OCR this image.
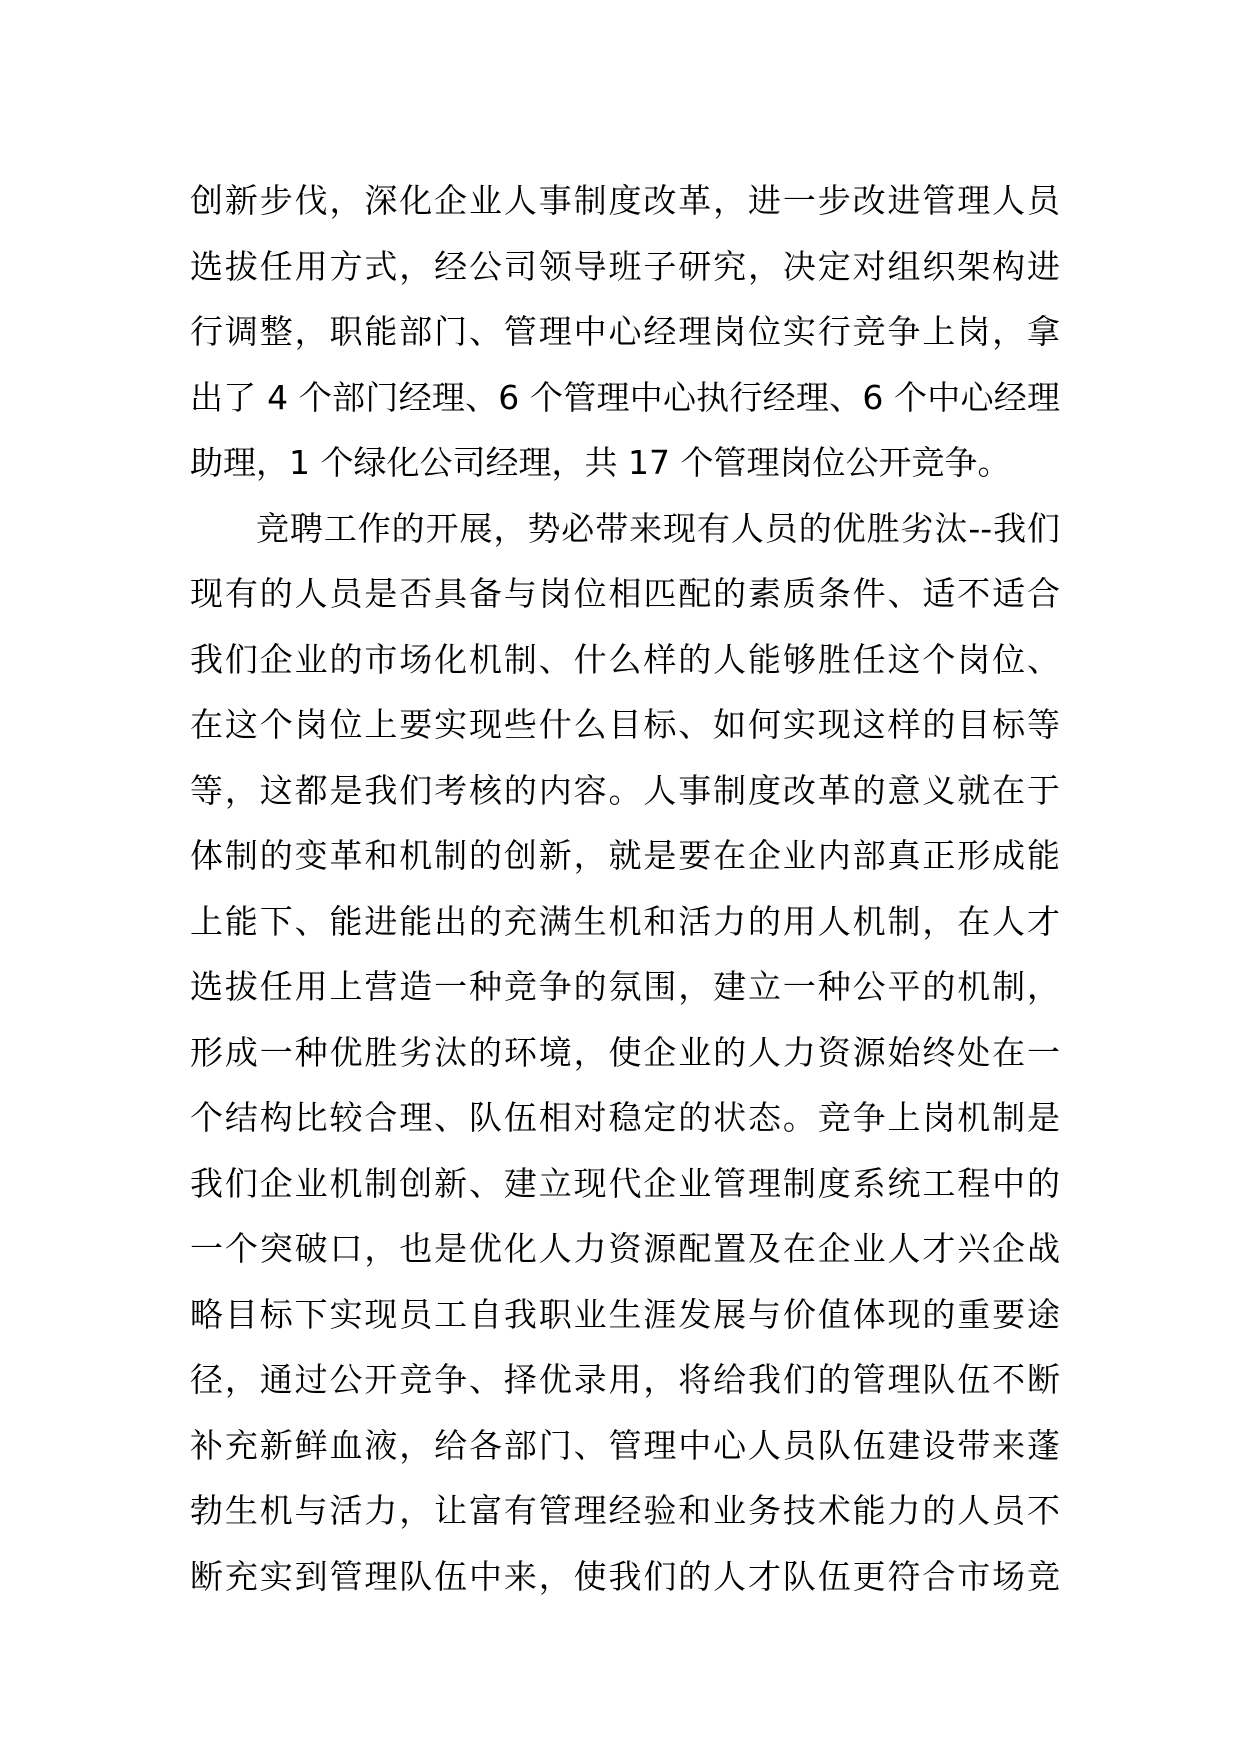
创新步伐，深化企业人事制度改革，进一步改进管理人员
选拔任用方式，经公司领导班子研究，决定对组织架构进
行调整，职能部门、管理中心经理岗位实行竞争上岗，拿
出了 4 个部门经理、6 个管理中心执行经理、6 个中心经理
助理，1 个绿化公司经理，共 17 个管理岗位公开竞争。
竞聘工作的开展，势必带来现有人员的优胜劣汰--我们
现有的人员是否具备与岗位相匹配的素质条件、适不适合
我们企业的市场化机制、什么样的人能够胜任这个岗位、
在这个岗位上要实现些什么目标、如何实现这样的目标等
等，这都是我们考核的内容。人事制度改革的意义就在于
体制的变革和机制的创新，就是要在企业内部真正形成能
上能下、能进能出的充满生机和活力的用人机制，在人才
选拔任用上营造一种竞争的氛围，建立一种公平的机制，
形成一种优胜劣汰的环境，使企业的人力资源始终处在一
个结构比较合理、队伍相对稳定的状态。竞争上岗机制是
我们企业机制创新、建立现代企业管理制度系统工程中的
一个突破口，也是优化人力资源配置及在企业人才兴企战
略目标下实现员工自我职业生涯发展与价值体现的重要途
径，通过公开竞争、择优录用，将给我们的管理队伍不断
补充新鲜血液，给各部门、管理中心人员队伍建设带来蓬
勃生机与活力，让富有管理经验和业务技术能力的人员不
断充实到管理队伍中来，使我们的人才队伍更符合市场竞
